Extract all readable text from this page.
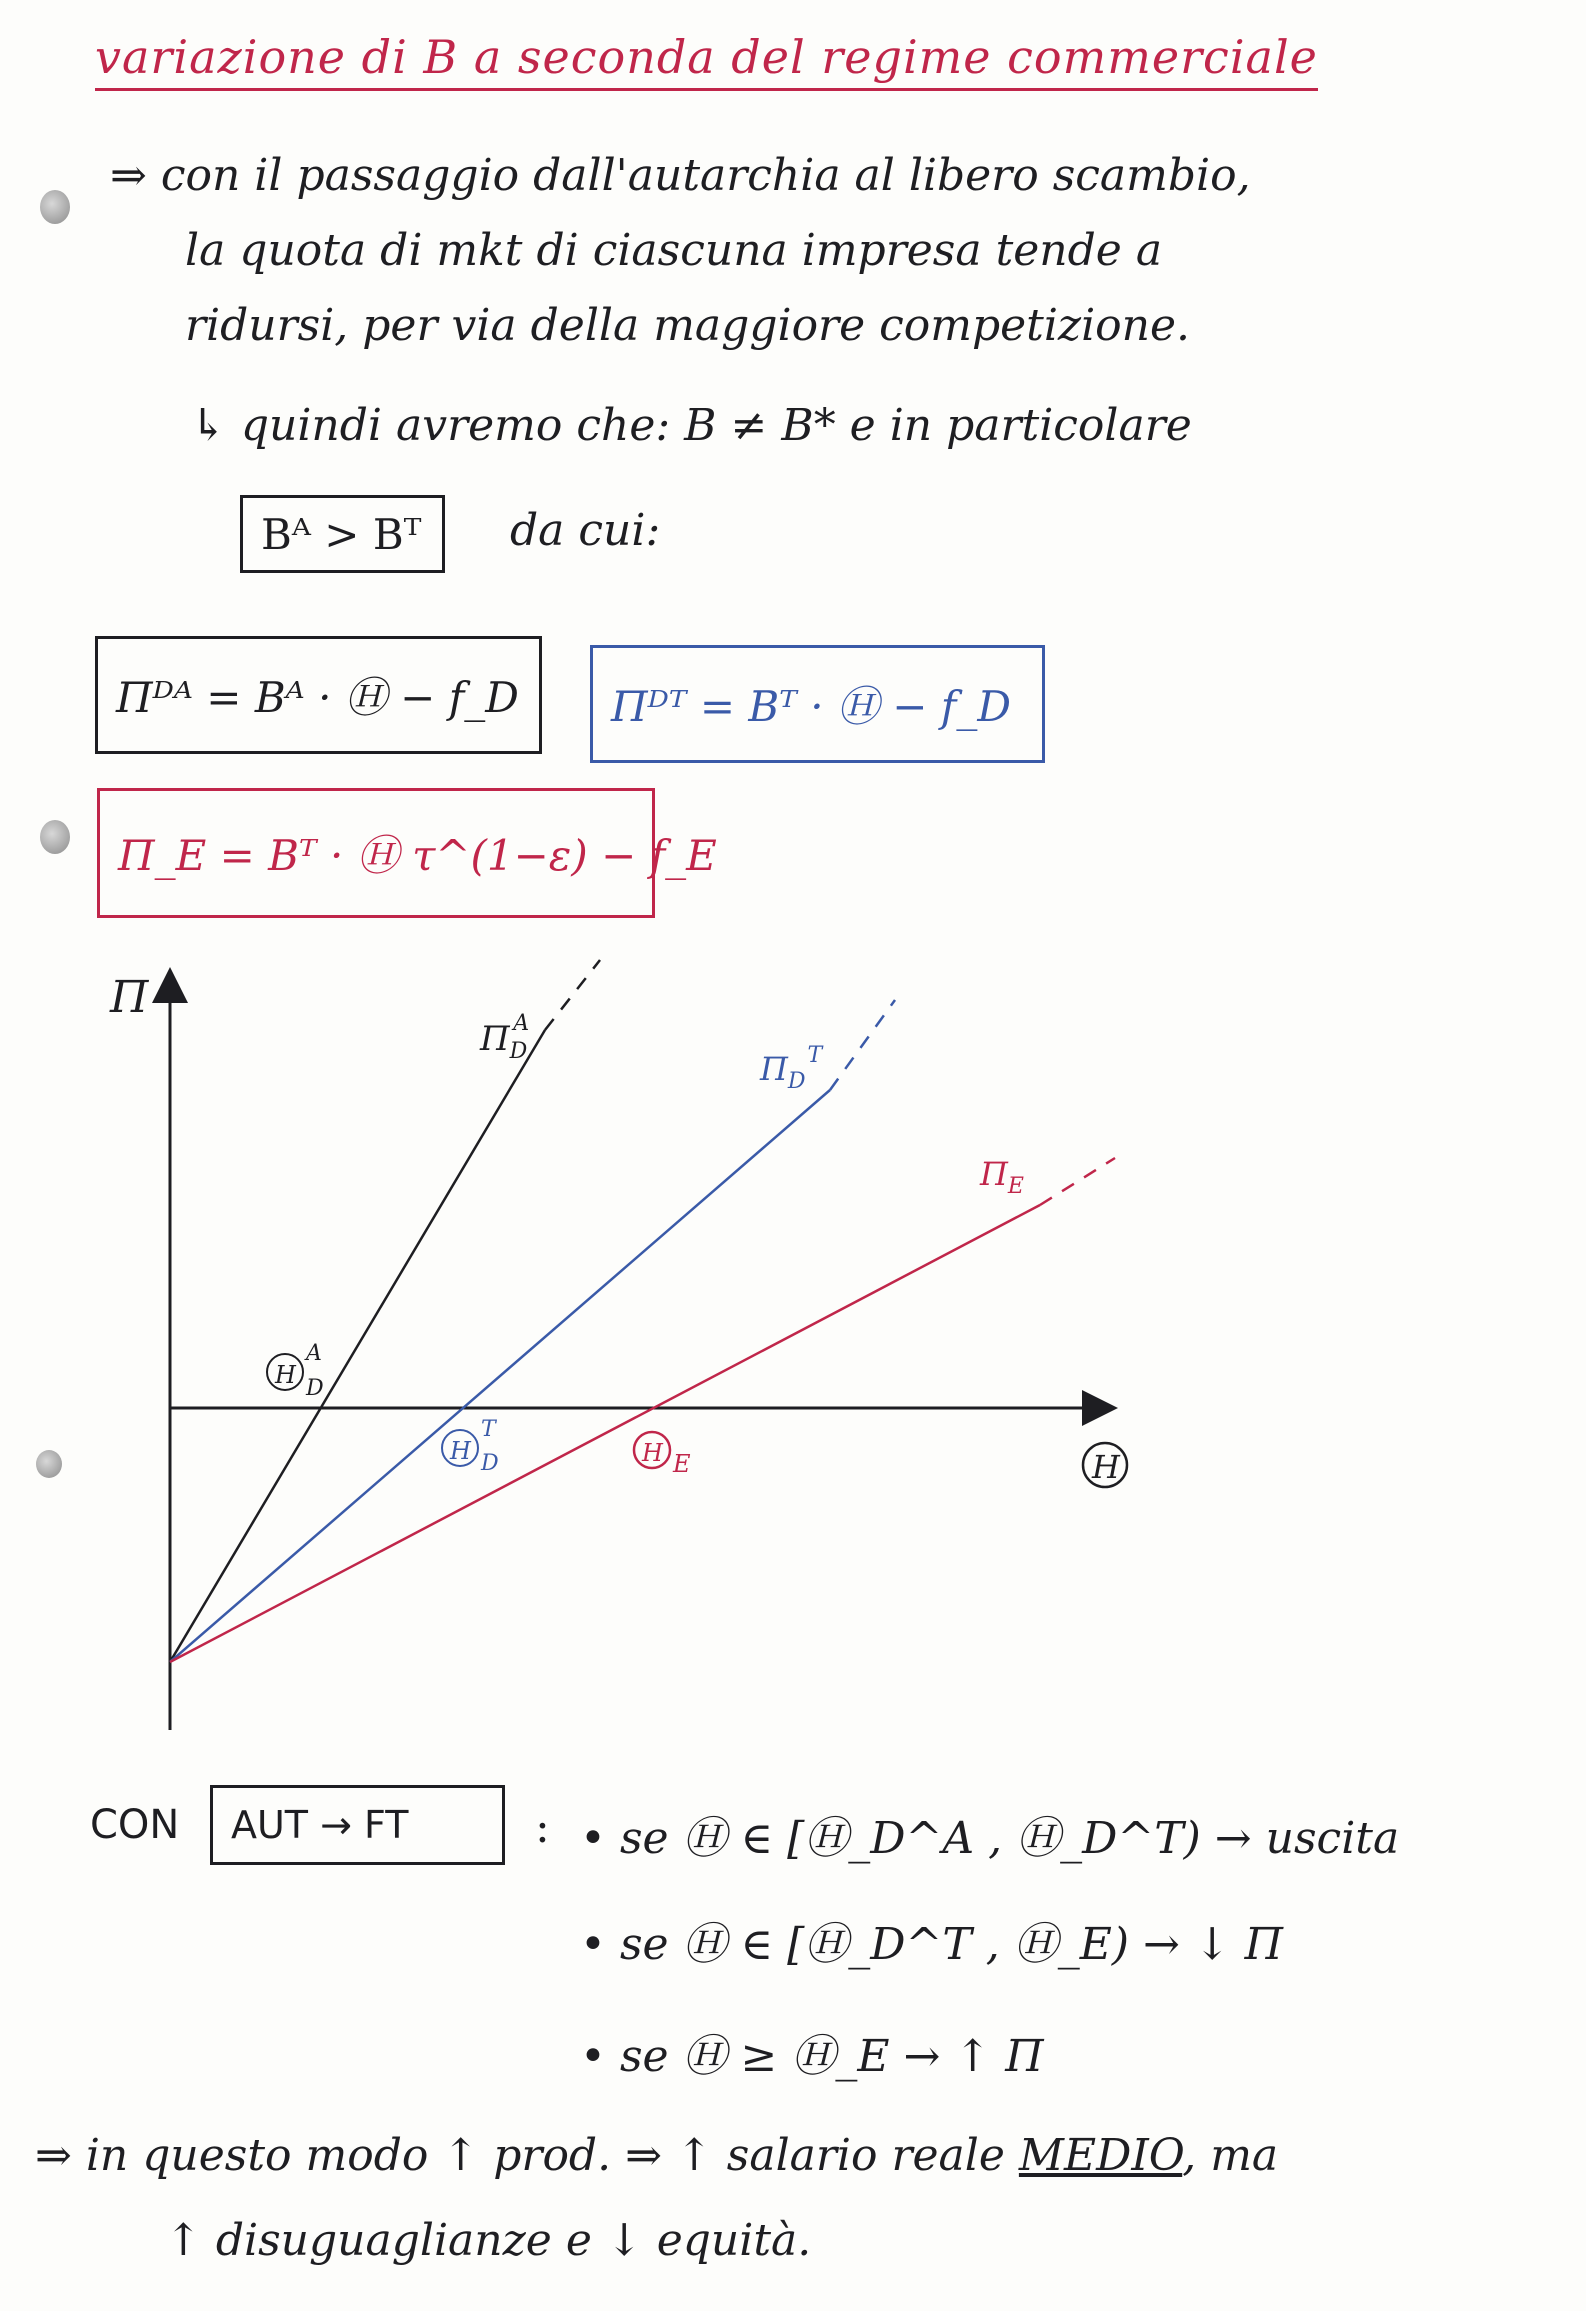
variazione di B a seconda del regime commerciale
⇒ con il passaggio dall'autarchia al libero scambio,
la quota di mkt di ciascuna impresa tende a
ridursi, per via della maggiore competizione.
↳ quindi avremo che: B ≠ B* e in particolare
Bᴬ > Bᵀ	da cui:
Πᴰᴬ = Bᴬ · Ⓗ − f_D	Πᴰᵀ = Bᵀ · Ⓗ − f_D
Π_E = Bᵀ · Ⓗ τ^(1−ε) − f_E
Π
H
$\Pi_DA$
$\Pi_D^T$
$\Pi_E$
H
A
D
H
T
D	H E
CON	AUT → FT	: • se Ⓗ ∈ [Ⓗ_D^A , Ⓗ_D^T) → uscita
• se Ⓗ ∈ [Ⓗ_D^T , Ⓗ_E) → ↓ Π
• se Ⓗ ≥ Ⓗ_E → ↑ Π
⇒ in questo modo ↑ prod. ⇒ ↑ salario reale MEDIO, ma
↑ disuguaglianze e ↓ equità.
